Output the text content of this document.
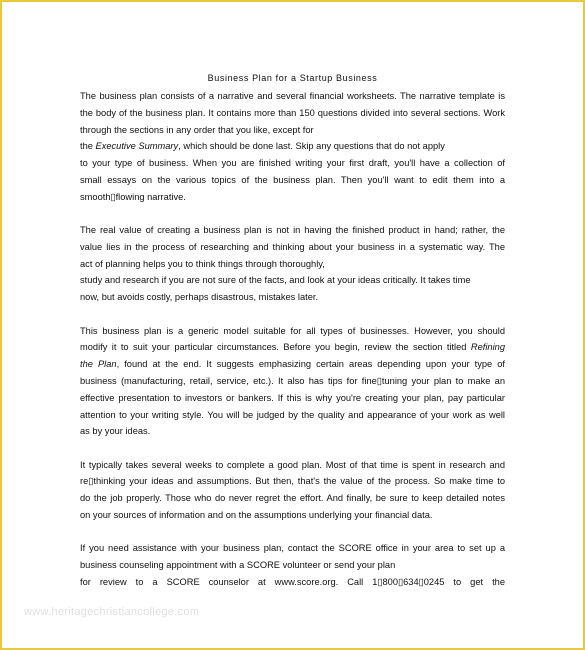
Business Plan for a Startup Business
The business plan consists of a narrative and several financial worksheets. The narrative template is
the body of the business plan. It contains more than 150 questions divided into several sections. Work
through the sections in any order that you like, except for
the Executive Summary, which should be done last. Skip any questions that do not apply
to your type of business. When you are finished writing your first draft, you'll have a collection of
small essays on the various topics of the business plan. Then you'll want to edit them into a
smooth▯flowing narrative.
The real value of creating a business plan is not in having the finished product in hand; rather, the
value lies in the process of researching and thinking about your business in a systematic way. The
act of planning helps you to think things through thoroughly,
study and research if you are not sure of the facts, and look at your ideas critically. It takes time
now, but avoids costly, perhaps disastrous, mistakes later.
This business plan is a generic model suitable for all types of businesses. However, you should
modify it to suit your particular circumstances. Before you begin, review the section titled Refining
the Plan, found at the end. It suggests emphasizing certain areas depending upon your type of
business (manufacturing, retail, service, etc.). It also has tips for fine▯tuning your plan to make an
effective presentation to investors or bankers. If this is why you're creating your plan, pay particular
attention to your writing style. You will be judged by the quality and appearance of your work as well
as by your ideas.
It typically takes several weeks to complete a good plan. Most of that time is spent in research and
re▯thinking your ideas and assumptions. But then, that's the value of the process. So make time to
do the job properly. Those who do never regret the effort. And finally, be sure to keep detailed notes
on your sources of information and on the assumptions underlying your financial data.
If you need assistance with your business plan, contact the SCORE office in your area to set up a
business counseling appointment with a SCORE volunteer or send your plan
for review to a SCORE counselor at www.score.org. Call 1▯800▯634▯0245 to get the
www.heritagechristiancollege.com
